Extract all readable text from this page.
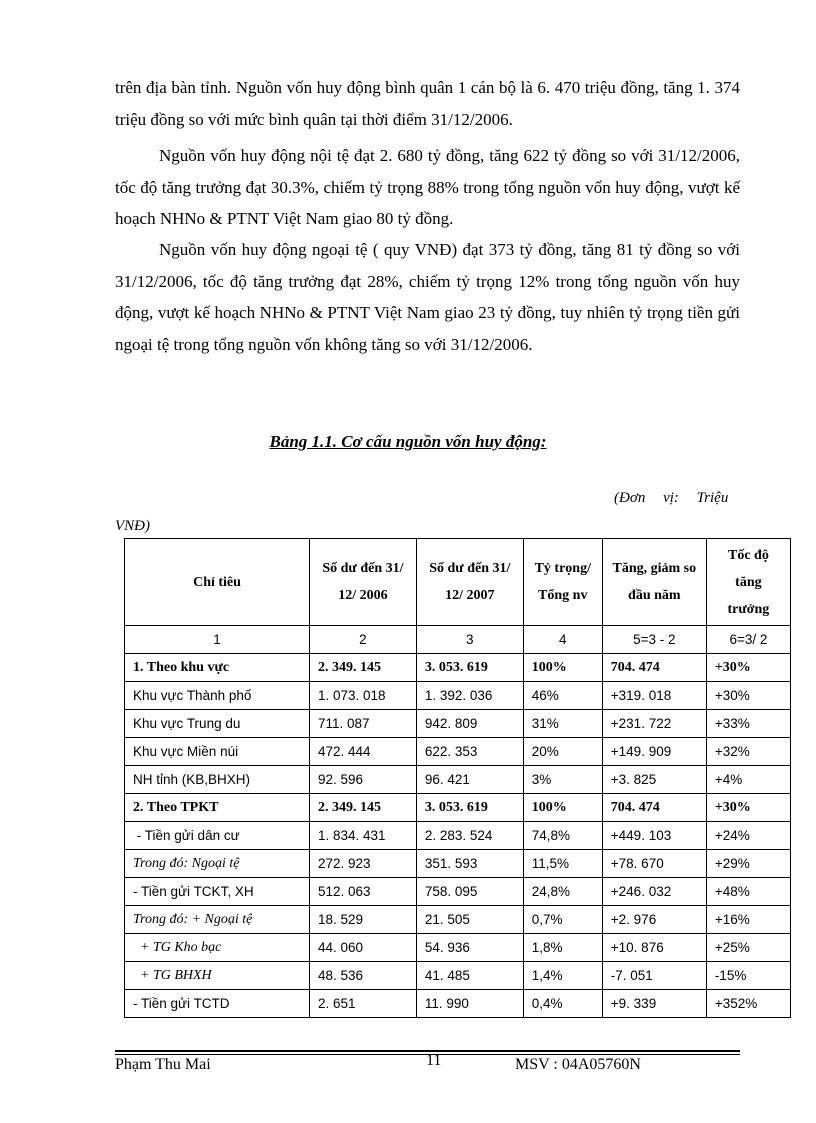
trên địa bàn tỉnh. Nguồn vốn huy động bình quân 1 cán bộ là 6. 470 triệu đồng, tăng 1. 374 triệu đồng so với mức bình quân tại thời điểm 31/12/2006.

Nguồn vốn huy động nội tệ đạt 2. 680 tỷ đồng, tăng 622 tỷ đồng so với 31/12/2006, tốc độ tăng trưởng đạt 30.3%, chiếm tỷ trọng 88% trong tổng nguồn vốn huy động, vượt kế hoạch NHNo & PTNT Việt Nam giao 80 tỷ đồng.

Nguồn vốn huy động ngoại tệ ( quy VNĐ) đạt 373 tỷ đồng, tăng 81 tỷ đồng so với 31/12/2006, tốc độ tăng trưởng đạt 28%, chiếm tỷ trọng 12% trong tổng nguồn vốn huy động, vượt kế hoạch NHNo & PTNT Việt Nam giao 23 tỷ đồng, tuy nhiên tỷ trọng tiền gửi ngoại tệ trong tổng nguồn vốn không tăng so với 31/12/2006.

Bảng 1.1. Cơ cấu nguồn vốn huy động:
(Đơn vị: Triệu
VNĐ)
Chỉ tiêu	Số dư đến 31/ 12/ 2006	Số dư đến 31/ 12/ 2007	Tỷ trọng/ Tổng nv	Tăng, giảm so đầu năm	Tốc độ tăng trưởng
1	2	3	4	5=3 - 2	6=3/ 2
1. Theo khu vực	2. 349. 145	3. 053. 619	100%	704. 474	+30%
Khu vực Thành phố	1. 073. 018	1. 392. 036	46%	+319. 018	+30%
Khu vực Trung du	711. 087	942. 809	31%	+231. 722	+33%
Khu vực Miền núi	472. 444	622. 353	20%	+149. 909	+32%
NH tỉnh (KB,BHXH)	92. 596	96. 421	3%	+3. 825	+4%
2. Theo TPKT	2. 349. 145	3. 053. 619	100%	704. 474	+30%
- Tiền gửi dân cư	1. 834. 431	2. 283. 524	74,8%	+449. 103	+24%
Trong đó: Ngoại tệ	272. 923	351. 593	11,5%	+78. 670	+29%
- Tiền gửi TCKT, XH	512. 063	758. 095	24,8%	+246. 032	+48%
Trong đó: + Ngoại tệ	18. 529	21. 505	0,7%	+2. 976	+16%
+ TG Kho bạc	44. 060	54. 936	1,8%	+10. 876	+25%
+ TG BHXH	48. 536	41. 485	1,4%	-7. 051	-15%
- Tiền gửi TCTD	2. 651	11. 990	0,4%	+9. 339	+352%
Phạm Thu Mai	11	MSV : 04A05760N
